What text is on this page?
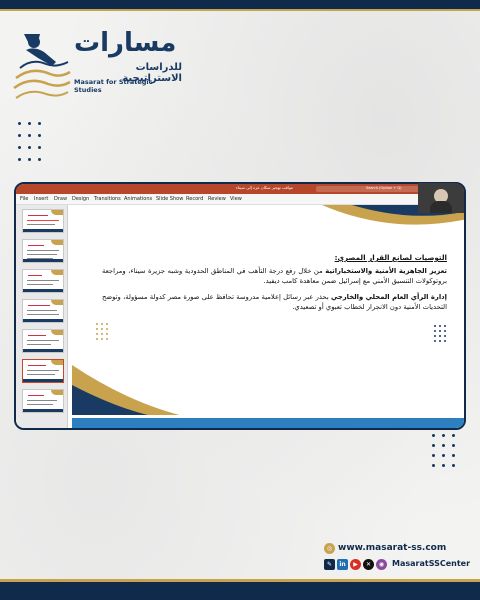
مسارات
للدراسات الاستراتيجية
Masarat for Strategic Studies
عواقب تهجير سكان غزة إلى سيناء	Search (Option + Q)
File Insert Draw Design Transitions Animations Slide Show Record Review View
التوصيات لصانع القرار المصري:
تعزيز الجاهزية الأمنية والاستخباراتية من خلال رفع درجة التأهب في المناطق الحدودية وشبه جزيرة سيناء، ومراجعة بروتوكولات التنسيق الأمني مع إسرائيل ضمن معاهدة كامب ديفيد.
إدارة الرأي العام المحلي والخارجي بحذر عبر رسائل إعلامية مدروسة تحافظ على صورة مصر كدولة مسؤولة، وتوضح التحديات الأمنية دون الانجرار لخطاب تعبوي أو تصعيدي.
◎ www.masarat-ss.com
✎	in	▶	✕	◉ MasaratSSCenter
